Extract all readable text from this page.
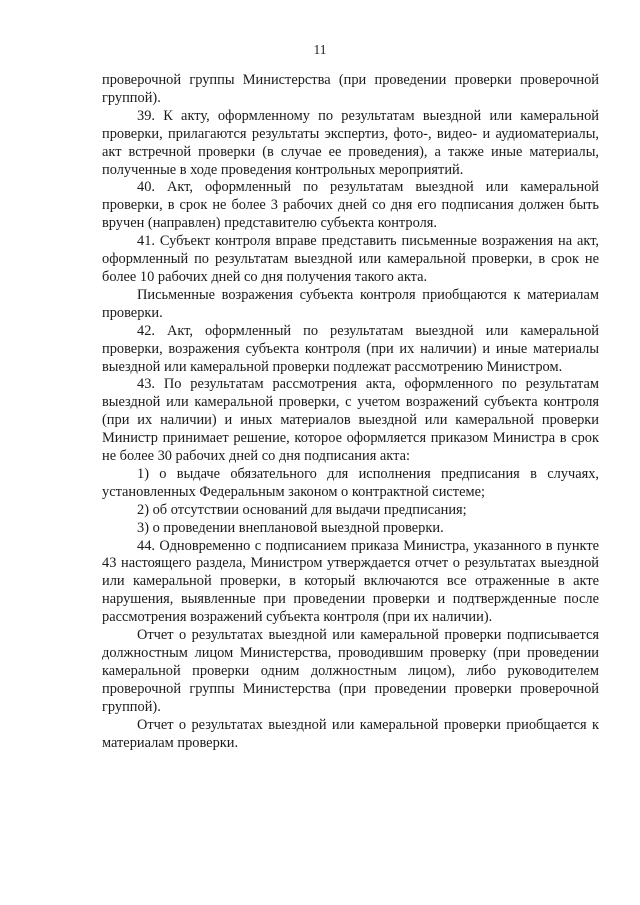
11

проверочной группы Министерства (при проведении проверки проверочной группой).

39. К акту, оформленному по результатам выездной или камеральной проверки, прилагаются результаты экспертиз, фото-, видео- и аудиоматериалы, акт встречной проверки (в случае ее проведения), а также иные материалы, полученные в ходе проведения контрольных мероприятий.

40. Акт, оформленный по результатам выездной или камеральной проверки, в срок не более 3 рабочих дней со дня его подписания должен быть вручен (направлен) представителю субъекта контроля.

41. Субъект контроля вправе представить письменные возражения на акт, оформленный по результатам выездной или камеральной проверки, в срок не более 10 рабочих дней со дня получения такого акта.

Письменные возражения субъекта контроля приобщаются к материалам проверки.

42. Акт, оформленный по результатам выездной или камеральной проверки, возражения субъекта контроля (при их наличии) и иные материалы выездной или камеральной проверки подлежат рассмотрению Министром.

43. По результатам рассмотрения акта, оформленного по результатам выездной или камеральной проверки, с учетом возражений субъекта контроля (при их наличии) и иных материалов выездной или камеральной проверки Министр принимает решение, которое оформляется приказом Министра в срок не более 30 рабочих дней со дня подписания акта:

1) о выдаче обязательного для исполнения предписания в случаях, установленных Федеральным законом о контрактной системе;

2) об отсутствии оснований для выдачи предписания;

3) о проведении внеплановой выездной проверки.

44. Одновременно с подписанием приказа Министра, указанного в пункте 43 настоящего раздела, Министром утверждается отчет о результатах выездной или камеральной проверки, в который включаются все отраженные в акте нарушения, выявленные при проведении проверки и подтвержденные после рассмотрения возражений субъекта контроля (при их наличии).

Отчет о результатах выездной или камеральной проверки подписывается должностным лицом Министерства, проводившим проверку (при проведении камеральной проверки одним должностным лицом), либо руководителем проверочной группы Министерства (при проведении проверки проверочной группой).

Отчет о результатах выездной или камеральной проверки приобщается к материалам проверки.
